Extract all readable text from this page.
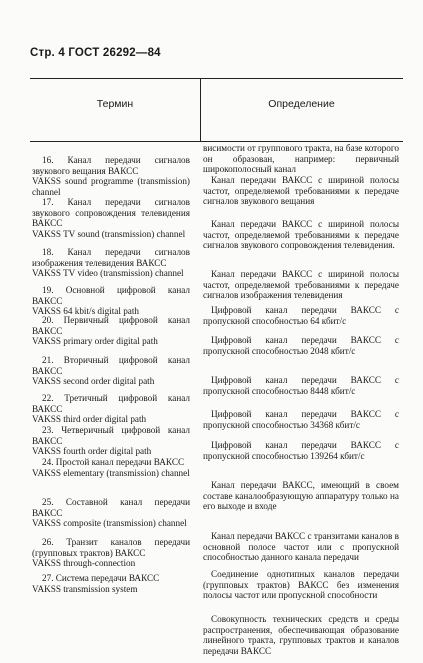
Стр. 4 ГОСТ 26292—84
Термин	Определение
висимости от группового тракта, на базе которого он образован, например: первичный широкополосный канал
Канал передачи ВАКСС с шириной полосы частот, определяемой требованиями к передаче сигналов звукового вещания
Канал передачи ВАКСС с шириной полосы частот, определяемой требованиями к передаче сигналов звукового сопровождения телевидения.
Канал передачи ВАКСС с шириной полосы частот, определяемой требованиями к передаче сигналов изображения телевидения
Цифровой канал передачи ВАКСС с пропускной способностью 64 кбит/с
Цифровой канал передачи ВАКСС с пропускной способностью 2048 кбит/с
Цифровой канал передачи ВАКСС с пропускной способностью 8448 кбит/с
Цифровой канал передачи ВАКСС с пропускной способностью 34368 кбит/с
Цифровой канал передачи ВАКСС с пропускной способностью 139264 кбит/с
Канал передачи ВАКСС, имеющий в своем составе каналообразующую аппаратуру только на его выходе и входе
Канал передачи ВАКСС с транзитами каналов в основной полосе частот или с пропускной способностью данного канала передачи
Соединение однотипных каналов передачи (групповых трактов) ВАКСС без изменения полосы частот или пропускной способности
Совокупность технических средств и среды распространения, обеспечивающая образование линейного тракта, групповых трактов и каналов передачи ВАКСС
16. Канал передачи сигналов звукового вещания ВАКСС
VAKSS sound programme (transmission) channel
17. Канал передачи сигналов звукового сопровождения телевидения ВАКСС
VAKSS TV sound (transmission) channel
18. Канал передачи сигналов изображения телевидения ВАКСС
VAKSS TV video (transmission) channel
19. Основной цифровой канал ВАКСС
VAKSS 64 kbit/s digital path
20. Первичный цифровой канал ВАКСС
VAKSS primary order digital path
21. Вторичный цифровой канал ВАКСС
VAKSS second order digital path
22. Третичный цифровой канал ВАКСС
VAKSS third order digital path
23. Четверичный цифровой канал ВАКСС
VAKSS fourth order digital path
24. Простой канал передачи ВАКСС
VAKSS elementary (transmission) channel
25. Составной канал передачи ВАКСС
VAKSS composite (transmission) channel
26. Транзит каналов передачи (групповых трактов) ВАКСС
VAKSS through-connection
27. Система передачи ВАКСС
VAKSS transmission system
